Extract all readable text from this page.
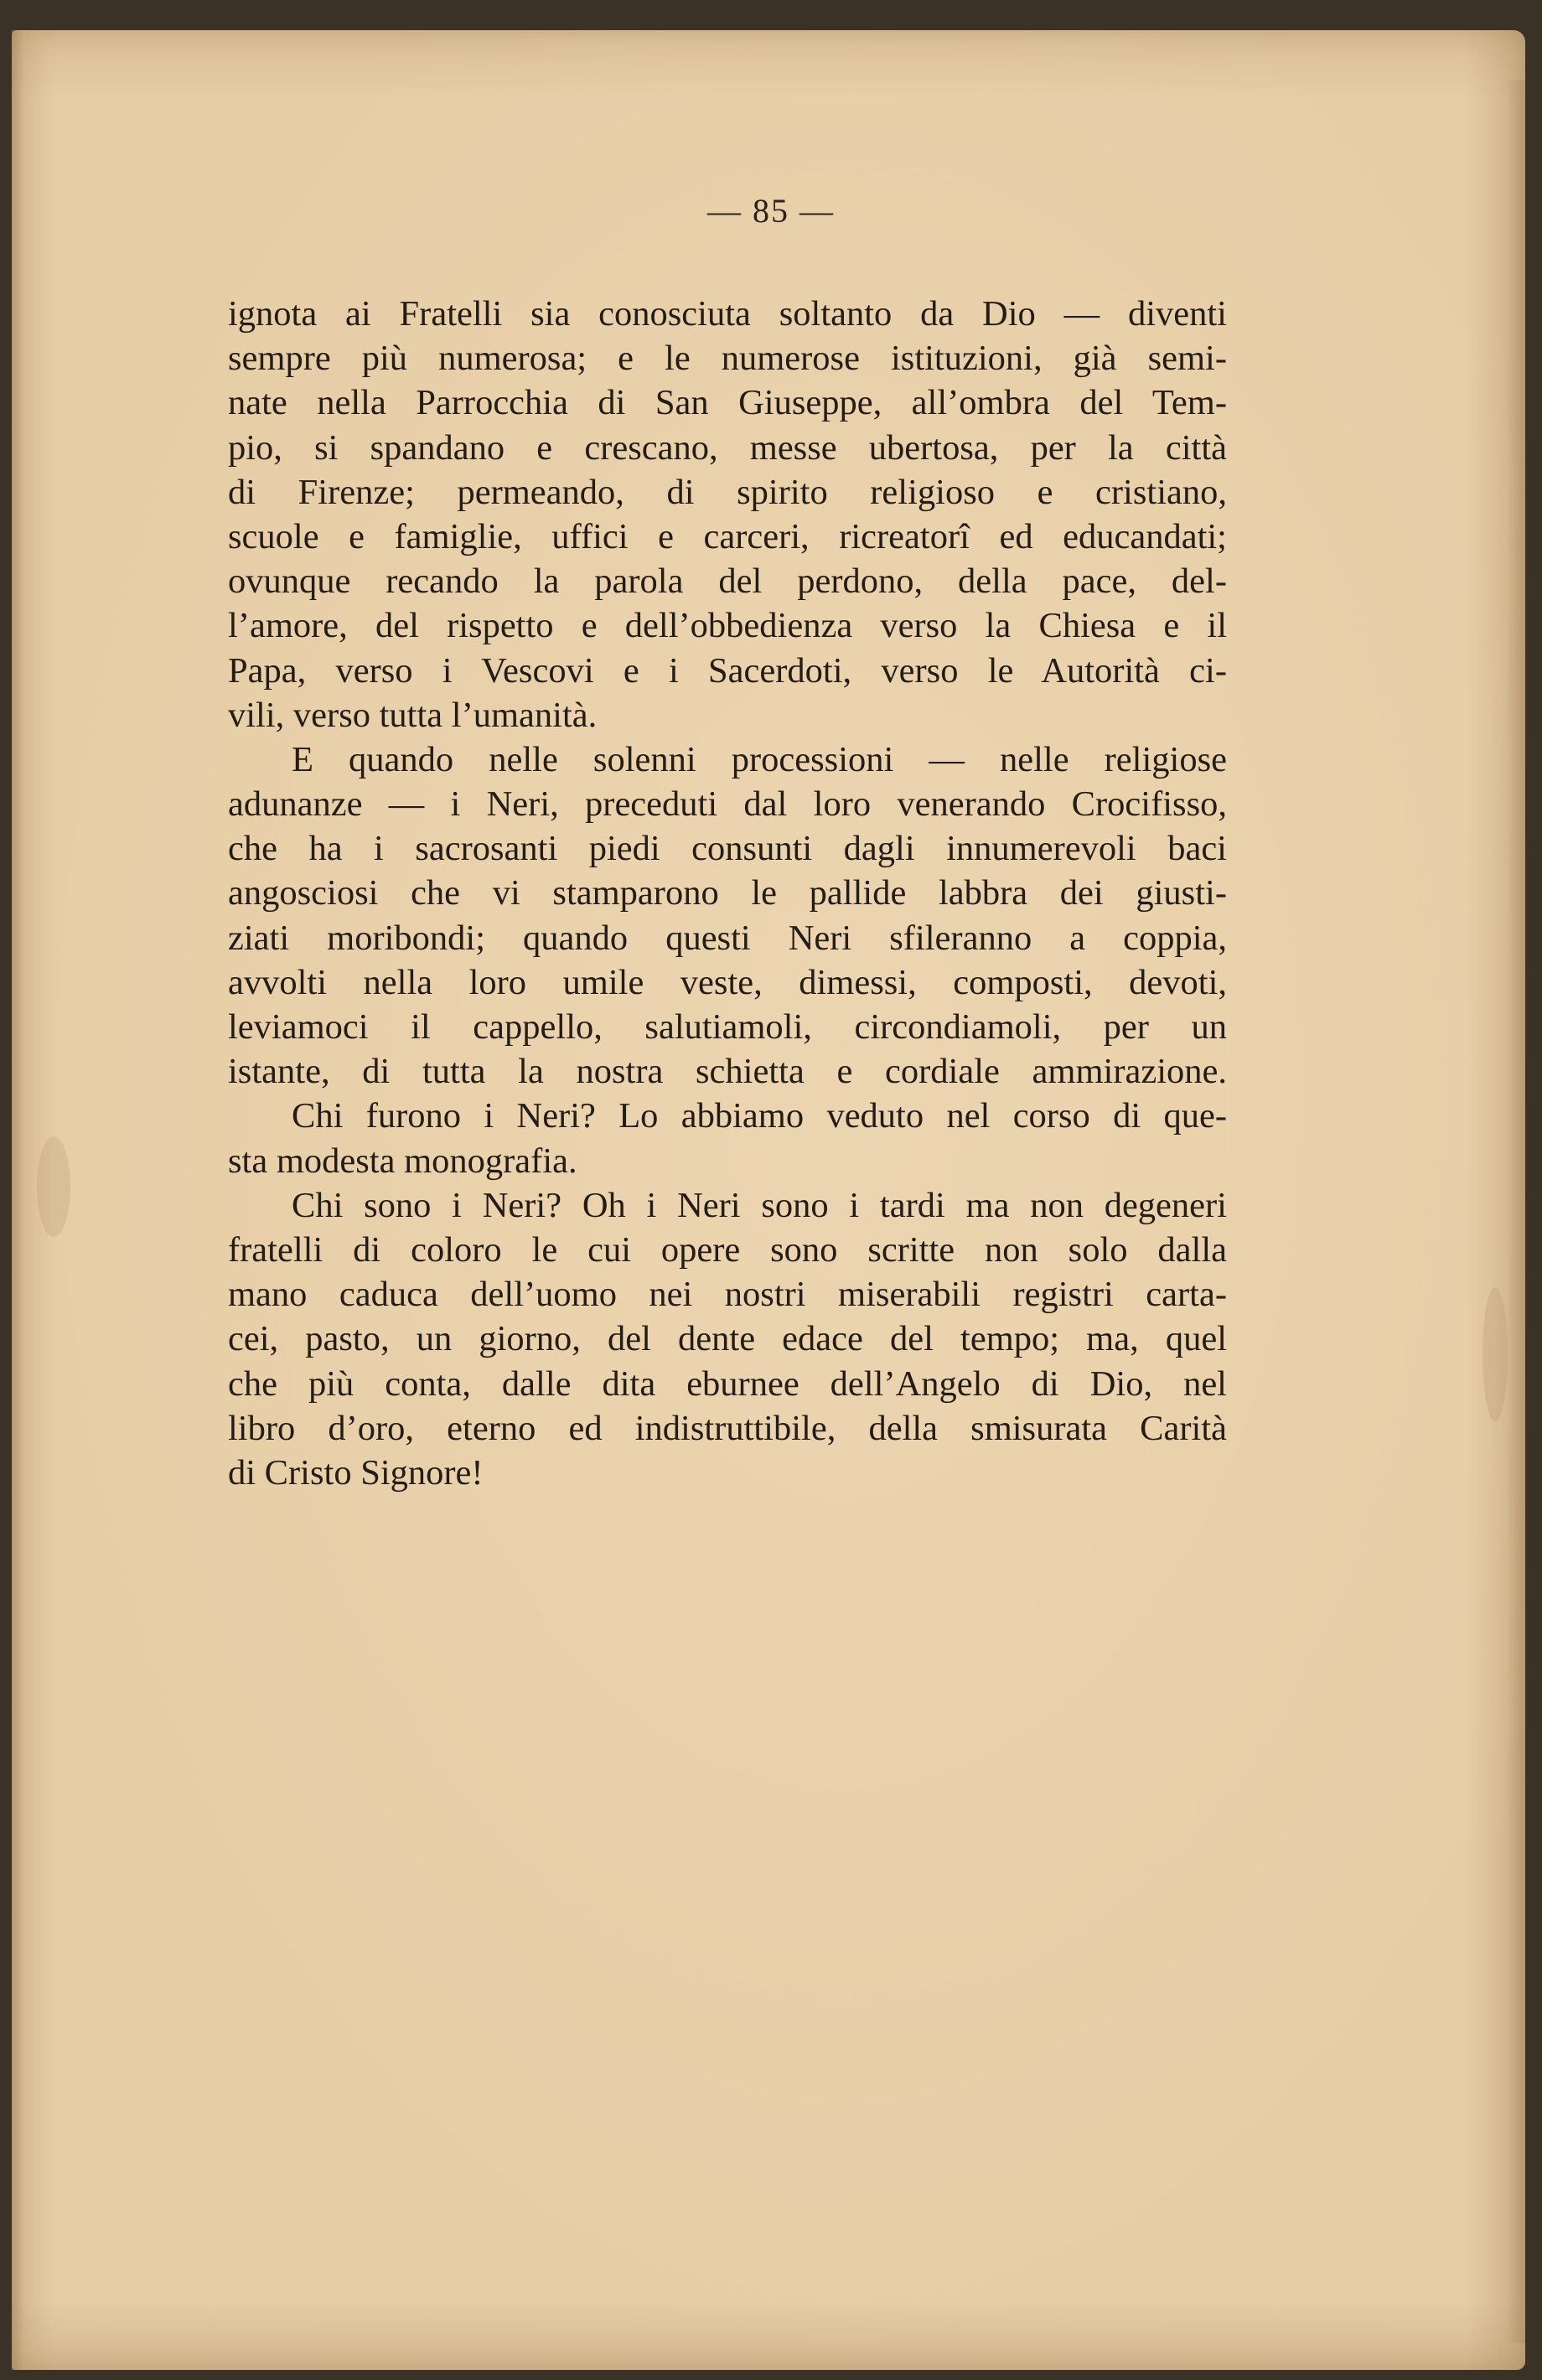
— 85 —
ignota ai Fratelli sia conosciuta soltanto da Dio — diventi
sempre più numerosa; e le numerose istituzioni, già semi-
nate nella Parrocchia di San Giuseppe, all’ombra del Tem-
pio, si spandano e crescano, messe ubertosa, per la città
di Firenze; permeando, di spirito religioso e cristiano,
scuole e famiglie, uffici e carceri, ricreatorî ed educandati;
ovunque recando la parola del perdono, della pace, del-
l’amore, del rispetto e dell’obbedienza verso la Chiesa e il
Papa, verso i Vescovi e i Sacerdoti, verso le Autorità ci-
vili, verso tutta l’umanità.
E quando nelle solenni processioni — nelle religiose
adunanze — i Neri, preceduti dal loro venerando Crocifisso,
che ha i sacrosanti piedi consunti dagli innumerevoli baci
angosciosi che vi stamparono le pallide labbra dei giusti-
ziati moribondi; quando questi Neri sfileranno a coppia,
avvolti nella loro umile veste, dimessi, composti, devoti,
leviamoci il cappello, salutiamoli, circondiamoli, per un
istante, di tutta la nostra schietta e cordiale ammirazione.
Chi furono i Neri? Lo abbiamo veduto nel corso di que-
sta modesta monografia.
Chi sono i Neri? Oh i Neri sono i tardi ma non degeneri
fratelli di coloro le cui opere sono scritte non solo dalla
mano caduca dell’uomo nei nostri miserabili registri carta-
cei, pasto, un giorno, del dente edace del tempo; ma, quel
che più conta, dalle dita eburnee dell’Angelo di Dio, nel
libro d’oro, eterno ed indistruttibile, della smisurata Carità
di Cristo Signore!
